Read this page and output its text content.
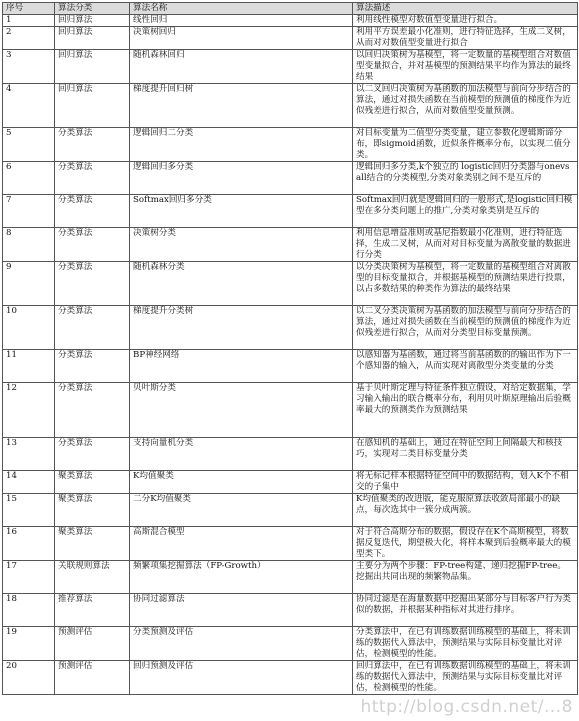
序号	算法分类	算法名称	算法描述
1	回归算法	线性回归	利用线性模型对数值型变量进行拟合。
2	回归算法	决策树回归	利用平方误差最小化准则，进行特征选择，生成二叉树，从而对对数值型变量进行拟合
3	回归算法	随机森林回归	以回归决策树为基模型，将一定数量的基模型组合对数值型变量拟合，并对基模型的预测结果平均作为算法的最终结果
4	回归算法	梯度提升回归树	以二叉回归决策树为基函数的加法模型与前向分步结合的算法，通过对损失函数在当前模型的预测值的梯度作为近似残差进行拟合，从而对数值型变量预测。
5	分类算法	逻辑回归二分类	对目标变量为二值型分类变量，建立参数化逻辑斯谛分布，即sigmoid函数，近似条件概率分布，以实现二值分类。
6	分类算法	逻辑回归多分类	逻辑回归多分类,k个独立的 logistic回归分类器与onevsall结合的分类模型,分类对象类别之间不是互斥的
7	分类算法	Softmax回归多分类	Softmax回归就是逻辑回归的一般形式,是logistic回归模型在多分类问题上的推广,分类对象类别是互斥的
8	分类算法	决策树分类	利用信息增益准则或基尼指数最小化准则，进行特征选择，生成二叉树，从而对对目标变量为离散变量的数据进行分类
9	分类算法	随机森林分类	以分类决策树为基模型，将一定数量的基模型组合对离散型的目标变量拟合，并根据基模型的预测结果进行投票，以占多数结果的种类作为算法的最终结果
10	分类算法	梯度提升分类树	以二叉分类决策树为基函数的加法模型与前向分步结合的算法，通过对损失函数在当前模型的预测值的梯度作为近似残差进行拟合，从而对分类型目标变量预测。
11	分类算法	BP神经网络	以感知器为基函数，通过将当前基函数的的输出作为下一个感知器的输入，从而实现对离散型分类变量的分类
12	分类算法	贝叶斯分类	基于贝叶斯定理与特征条件独立假设，对给定数据集，学习输入输出的联合概率分布，利用贝叶斯原理输出后验概率最大的预测类作为预测结果
13	分类算法	支持向量机分类	在感知机的基础上，通过在特征空间上间隔最大和核技巧，实现对二类目标变量分类
14	聚类算法	K均值聚类	将无标记样本根据特征空间中的数据结构，划入K个不相交的子集中
15	聚类算法	二分K均值聚类	K均值聚类的改进版，能克服原算法收敛局部最小的缺点，每次选其中一簇分成两簇。
16	聚类算法	高斯混合模型	对于符合高斯分布的数据，假设存在K个高斯模型，将数据反复迭代，期望极大化，将样本聚到后验概率最大的模型类下。
17	关联规则算法	频繁项集挖掘算法（FP-Growth）	主要分为两个步骤：FP-tree构建、递归挖掘FP-tree。挖掘出共同出现的频繁物品集。
18	推荐算法	协同过滤算法	协同过滤是在海量数据中挖掘出某部分与目标客户行为类似的数据，并根据某种指标对其进行排序。
19	预测评估	分类预测及评估	分类算法中，在已有训练数据训练模型的基础上，将未训练的数据代入算法中，预测结果与实际目标变量比对评估，检测模型的性能。
20	预测评估	回归预测及评估	回归算法中，在已有训练数据训练模型的基础上，将未训练的数据代入算法中，预测结果与实际目标变量比对评估，检测模型的性能。
http://blog.csdn.net/...8
